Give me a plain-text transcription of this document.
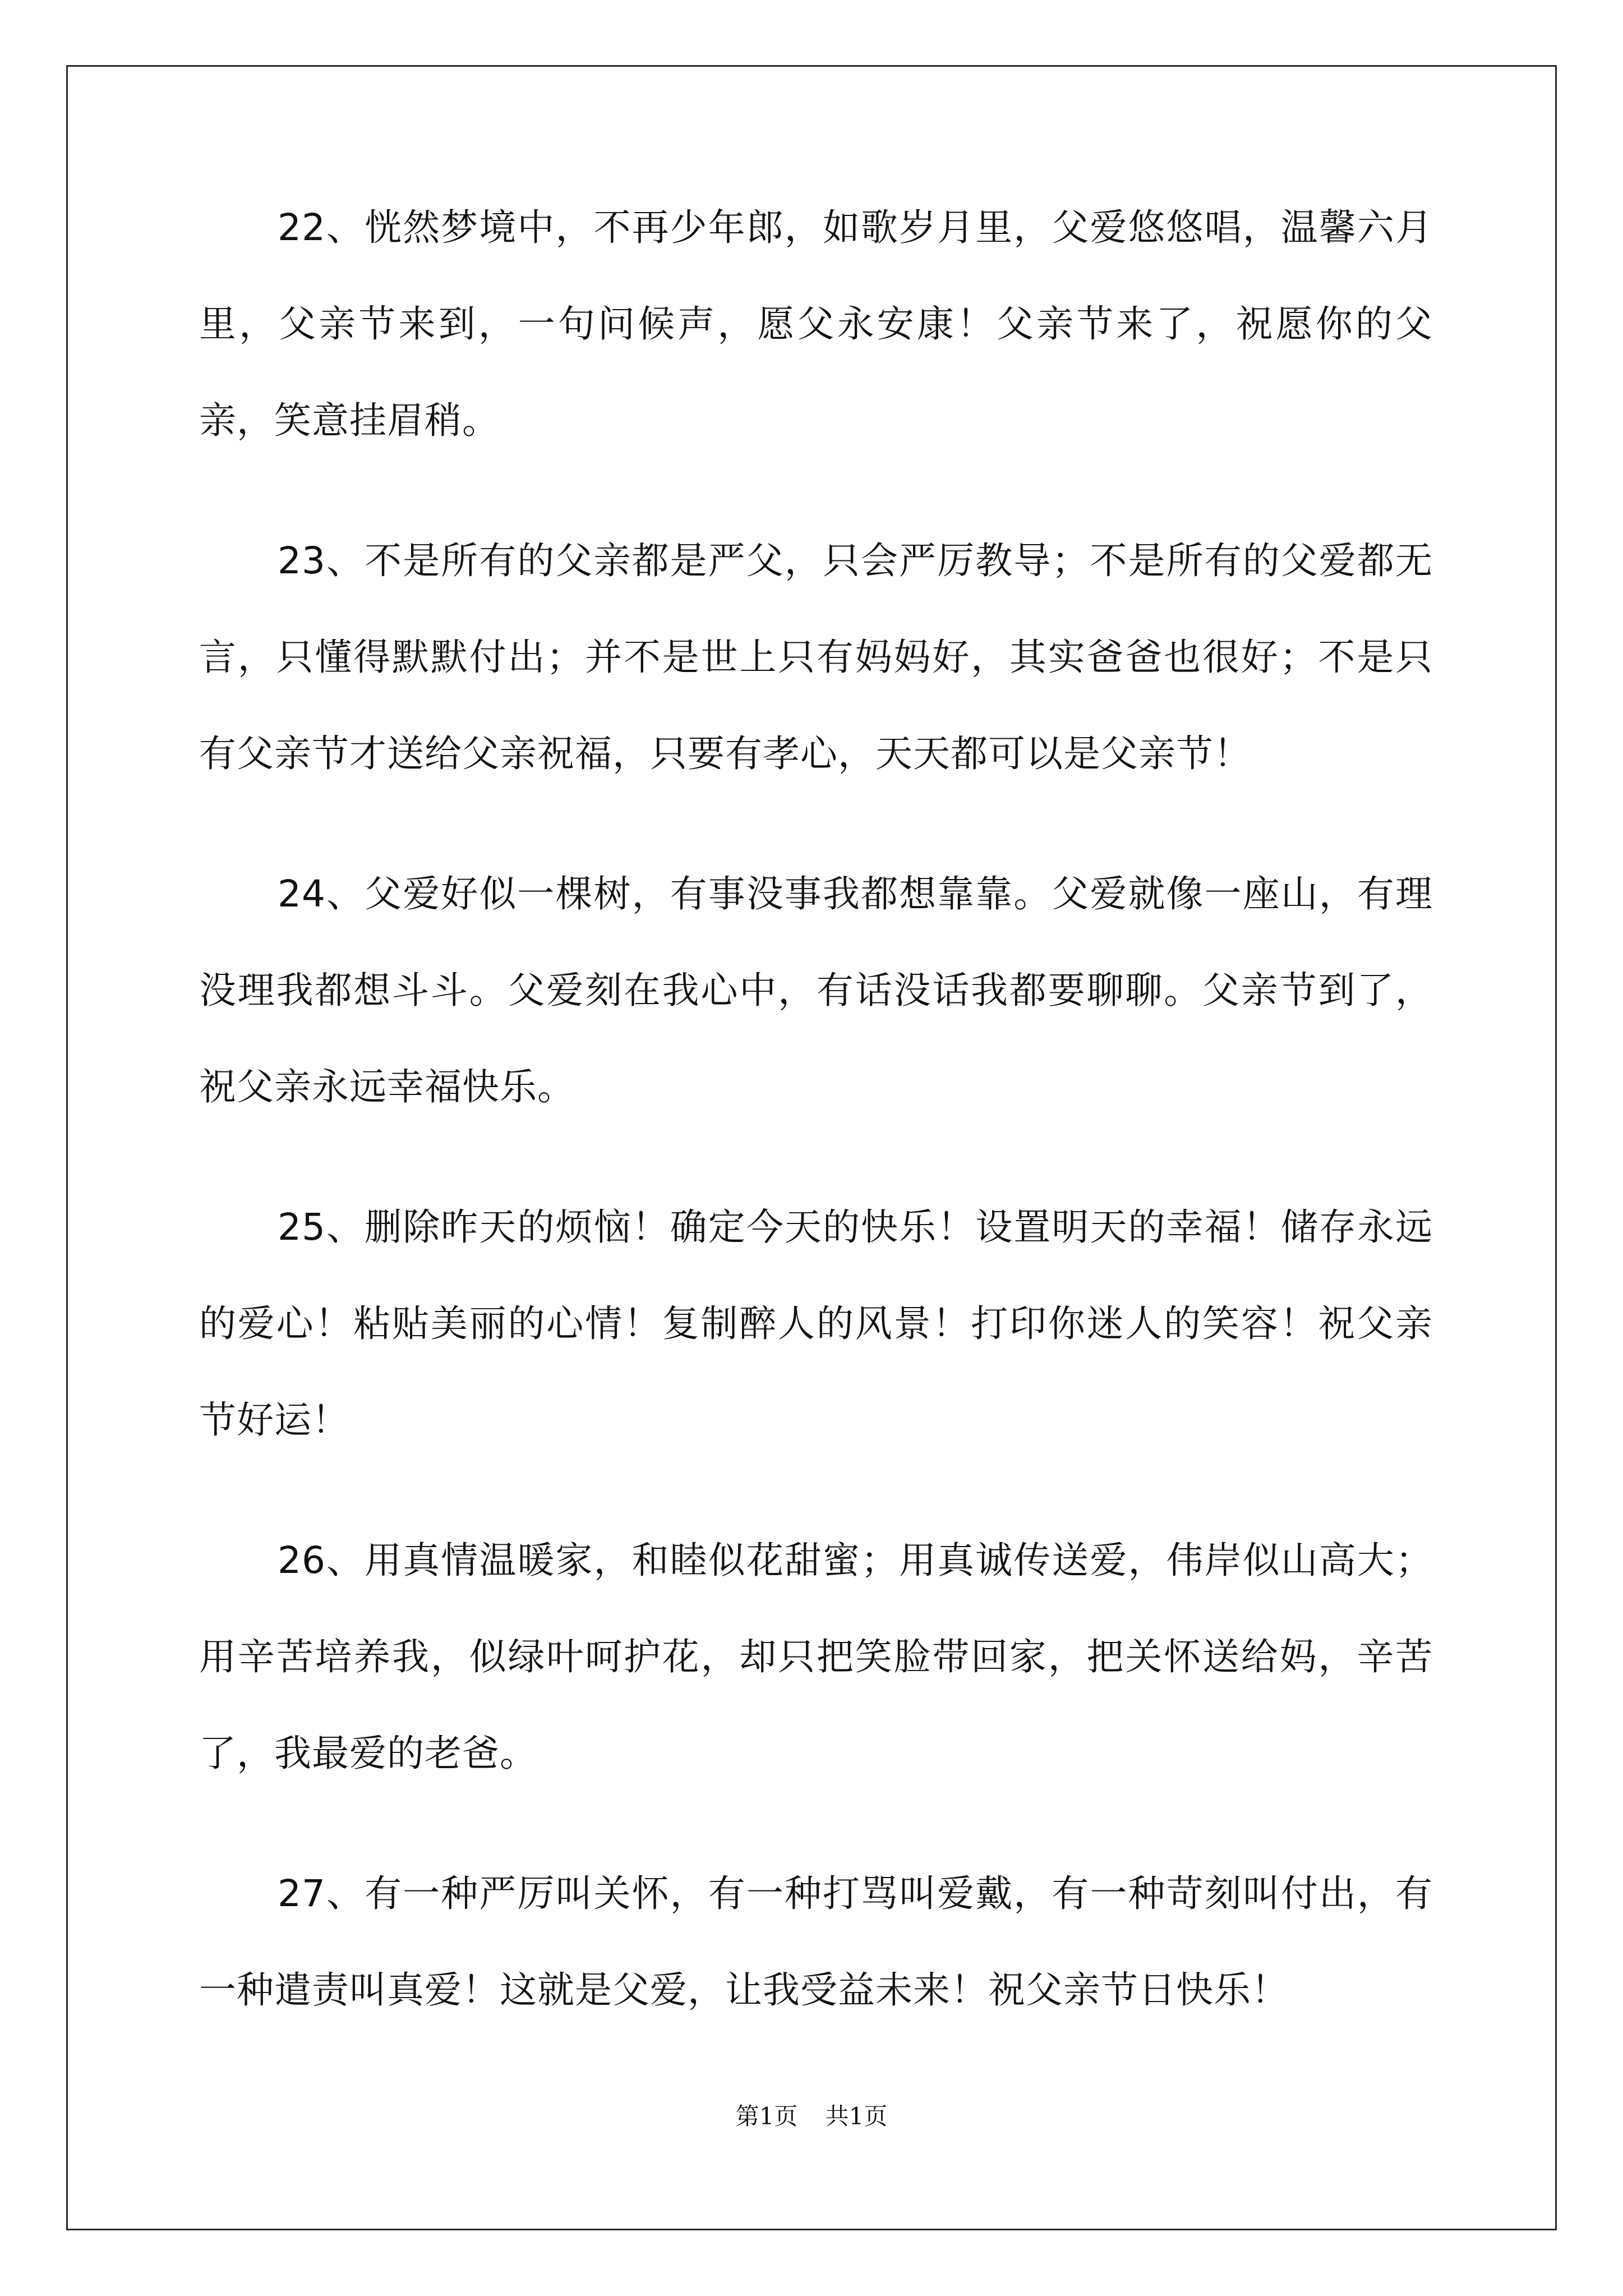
22、恍然梦境中，不再少年郎，如歌岁月里，父爱悠悠唱，温馨六月里，父亲节来到，一句问候声，愿父永安康！父亲节来了，祝愿你的父亲，笑意挂眉稍。

23、不是所有的父亲都是严父，只会严厉教导；不是所有的父爱都无言，只懂得默默付出；并不是世上只有妈妈好，其实爸爸也很好；不是只有父亲节才送给父亲祝福，只要有孝心，天天都可以是父亲节！

24、父爱好似一棵树，有事没事我都想靠靠。父爱就像一座山，有理没理我都想斗斗。父爱刻在我心中，有话没话我都要聊聊。父亲节到了，祝父亲永远幸福快乐。

25、删除昨天的烦恼！确定今天的快乐！设置明天的幸福！储存永远的爱心！粘贴美丽的心情！复制醉人的风景！打印你迷人的笑容！祝父亲节好运！

26、用真情温暖家，和睦似花甜蜜；用真诚传送爱，伟岸似山高大；用辛苦培养我，似绿叶呵护花，却只把笑脸带回家，把关怀送给妈，辛苦了，我最爱的老爸。

27、有一种严厉叫关怀，有一种打骂叫爱戴，有一种苛刻叫付出，有一种遣责叫真爱！这就是父爱，让我受益未来！祝父亲节日快乐！

第1页 共1页
